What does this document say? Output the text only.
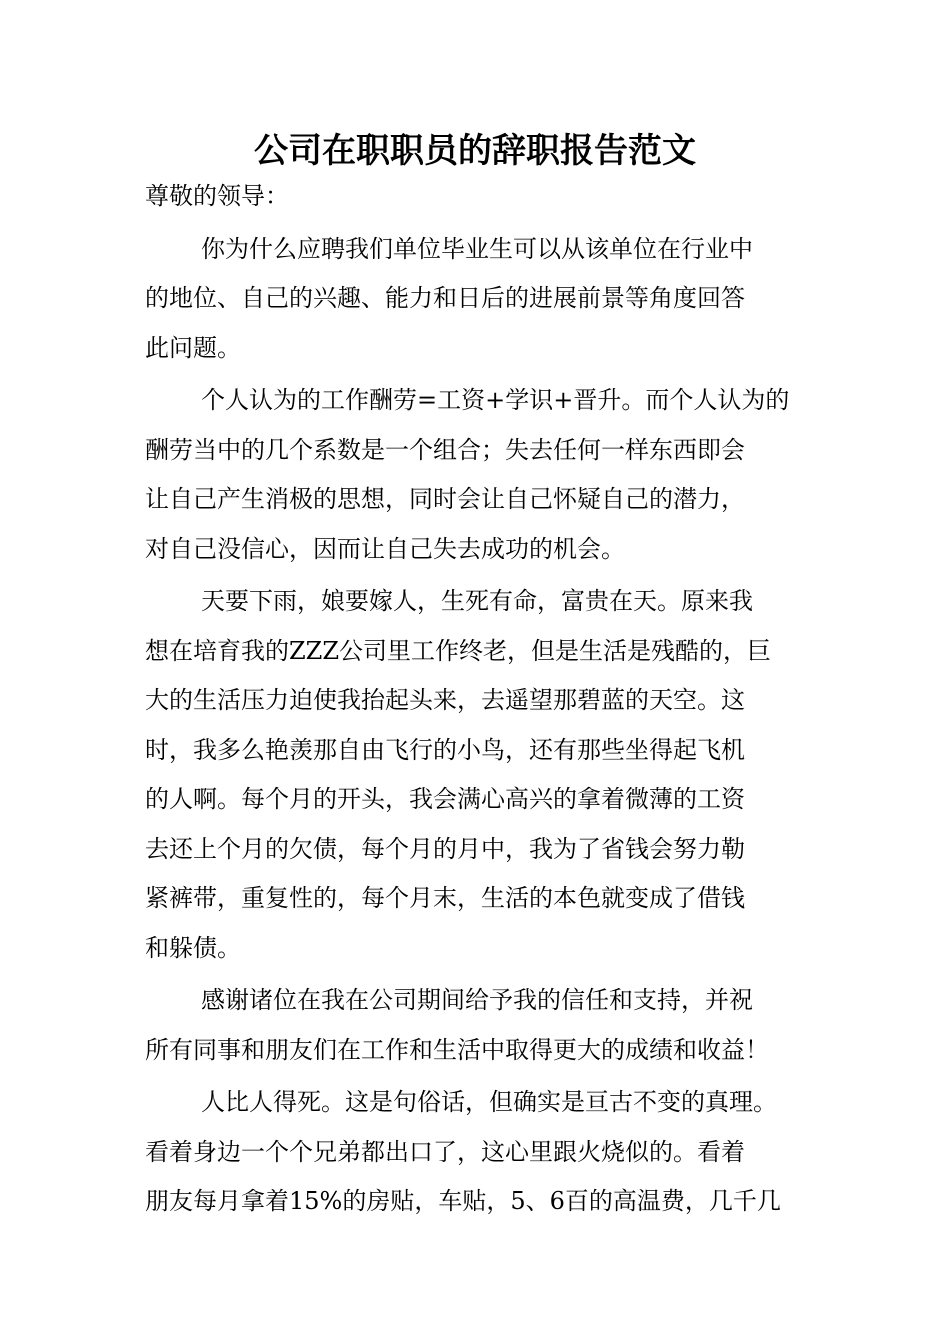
公司在职职员的辞职报告范文
尊敬的领导：
你为什么应聘我们单位毕业生可以从该单位在行业中
的地位、自己的兴趣、能力和日后的进展前景等角度回答
此问题。
个人认为的工作酬劳=工资+学识+晋升。而个人认为的
酬劳当中的几个系数是一个组合；失去任何一样东西即会
让自己产生消极的思想，同时会让自己怀疑自己的潜力，
对自己没信心，因而让自己失去成功的机会。
天要下雨，娘要嫁人，生死有命，富贵在天。原来我
想在培育我的ZZZ公司里工作终老，但是生活是残酷的，巨
大的生活压力迫使我抬起头来，去遥望那碧蓝的天空。这
时，我多么艳羡那自由飞行的小鸟，还有那些坐得起飞机
的人啊。每个月的开头，我会满心高兴的拿着微薄的工资
去还上个月的欠债，每个月的月中，我为了省钱会努力勒
紧裤带，重复性的，每个月末，生活的本色就变成了借钱
和躲债。
感谢诸位在我在公司期间给予我的信任和支持，并祝
所有同事和朋友们在工作和生活中取得更大的成绩和收益！
人比人得死。这是句俗话，但确实是亘古不变的真理。
看着身边一个个兄弟都出口了，这心里跟火烧似的。看着
朋友每月拿着15%的房贴，车贴，5、6百的高温费，几千几
